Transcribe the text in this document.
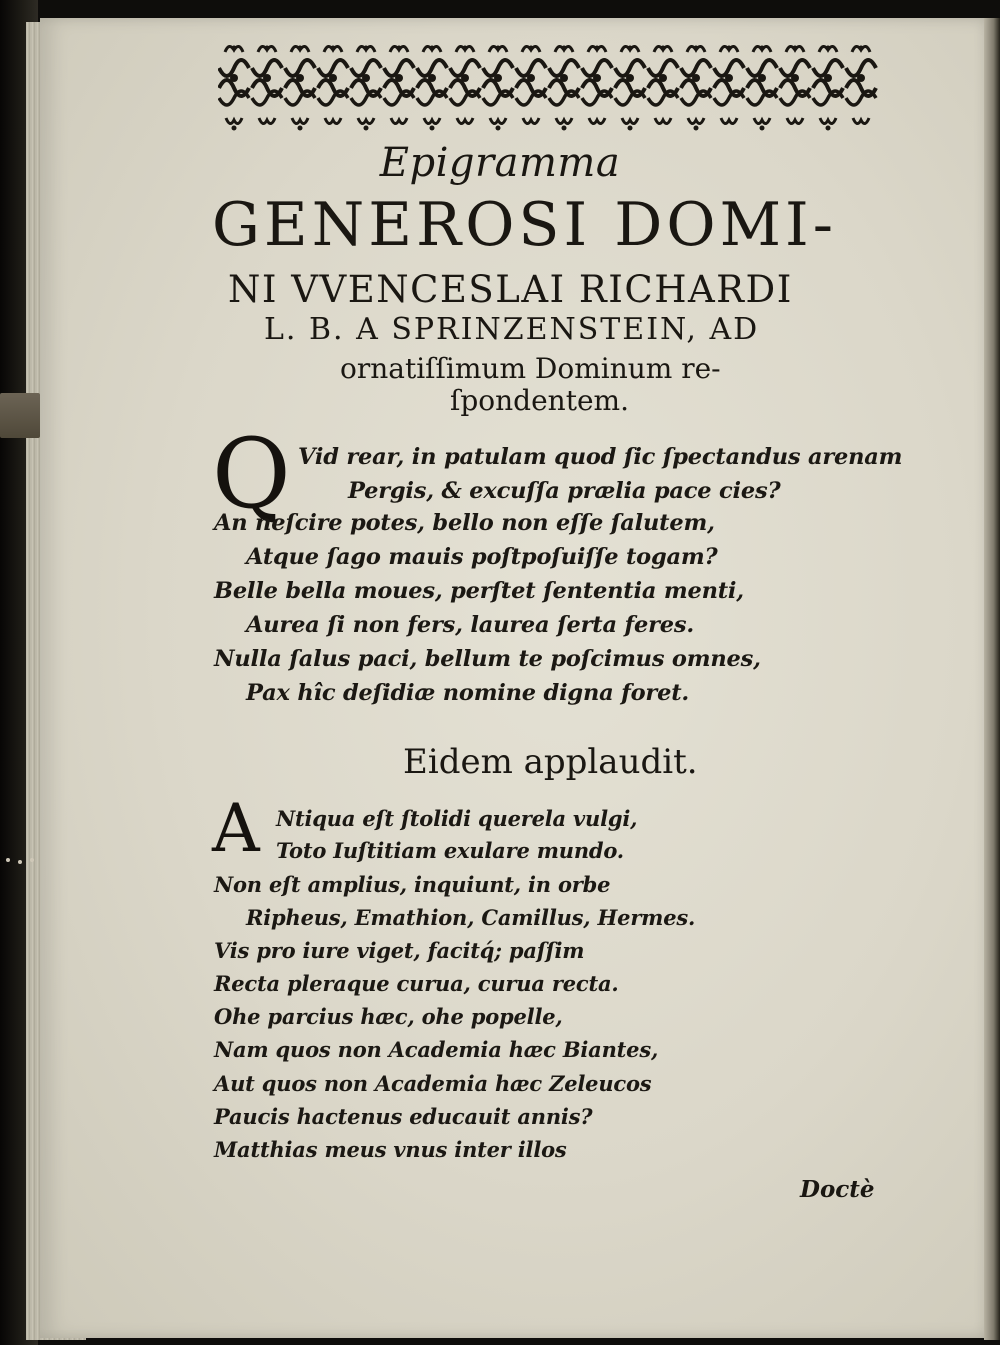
Epigramma
GENEROSI DOMI-
NI VVENCESLAI RICHARDI
L. B. A SPRINZENSTEIN, AD
ornatiſſimum Dominum re-
ſpondentem.
Q Vid rear, in patulam quod ſic ſpectandus arenam
Pergis, & excuſſa prælia pace cies?
An neſcire potes, bello non eſſe ſalutem,
Atque ſago mauis poſtpoſuiſſe togam?
Belle bella moues, perſtet ſententia menti,
Aurea ſi non fers, laurea ſerta feres.
Nulla ſalus paci, bellum te poſcimus omnes,
Pax hîc deſidiæ nomine digna foret.
Eidem applaudit.
A Ntiqua eſt ſtolidi querela vulgi,
Toto Iuſtitiam exulare mundo.
Non eſt amplius, inquiunt, in orbe
Ripheus, Emathion, Camillus, Hermes.
Vis pro iure viget, facitq́; paſſim
Recta pleraque curua, curua recta.
Ohe parcius hæc, ohe popelle,
Nam quos non Academia hæc Biantes,
Aut quos non Academia hæc Zeleucos
Paucis hactenus educauit annis?
Matthias meus vnus inter illos
Doctè
